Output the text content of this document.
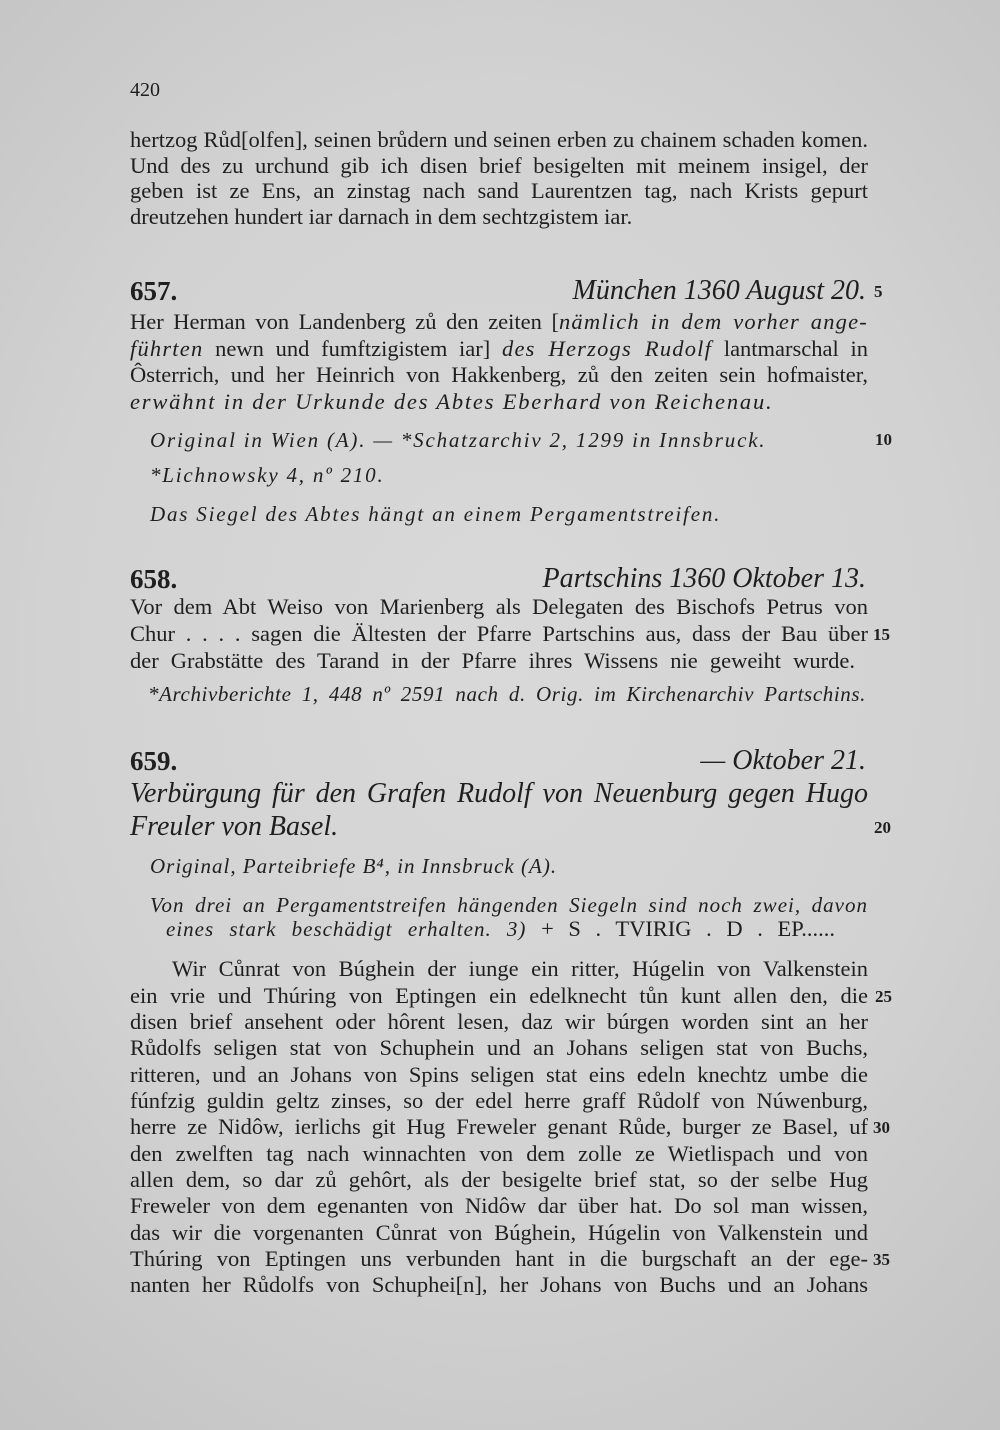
420
hertzog Růd[olfen], seinen brůdern und seinen erben zu chainem schaden komen.
Und des zu urchund gib ich disen brief besigelten mit meinem insigel, der
geben ist ze Ens, an zinstag nach sand Laurentzen tag, nach Krists gepurt
dreutzehen hundert iar darnach in dem sechtzgistem iar.
657.	München 1360 August 20.
Her Herman von Landenberg zů den zeiten [nämlich in dem vorher ange-
führten newn und fumftzigistem iar] des Herzogs Rudolf lantmarschal in
Ôsterrich, und her Heinrich von Hakkenberg, zů den zeiten sein hofmaister,
erwähnt in der Urkunde des Abtes Eberhard von Reichenau.
Original in Wien (A). — *Schatzarchiv 2, 1299 in Innsbruck.
*Lichnowsky 4, nº 210.
Das Siegel des Abtes hängt an einem Pergamentstreifen.
658.	Partschins 1360 Oktober 13.
Vor dem Abt Weiso von Marienberg als Delegaten des Bischofs Petrus von
Chur . . . . sagen die Ältesten der Pfarre Partschins aus, dass der Bau über
der Grabstätte des Tarand in der Pfarre ihres Wissens nie geweiht wurde.
*Archivberichte 1, 448 nº 2591 nach d. Orig. im Kirchenarchiv Partschins.
659.	— Oktober 21.
Verbürgung für den Grafen Rudolf von Neuenburg gegen Hugo
Freuler von Basel.
Original, Parteibriefe B⁴, in Innsbruck (A).
Von drei an Pergamentstreifen hängenden Siegeln sind noch zwei, davon
eines stark beschädigt erhalten. 3) + S . TVIRIG . D . EP......
Wir Cůnrat von Búghein der iunge ein ritter, Húgelin von Valkenstein
ein vrie und Thúring von Eptingen ein edelknecht tůn kunt allen den, die
disen brief ansehent oder hôrent lesen, daz wir búrgen worden sint an her
Růdolfs seligen stat von Schuphein und an Johans seligen stat von Buchs,
ritteren, und an Johans von Spins seligen stat eins edeln knechtz umbe die
fúnfzig guldin geltz zinses, so der edel herre graff Růdolf von Núwenburg,
herre ze Nidôw, ierlichs git Hug Freweler genant Růde, burger ze Basel, uf
den zwelften tag nach winnachten von dem zolle ze Wietlispach und von
allen dem, so dar zů gehôrt, als der besigelte brief stat, so der selbe Hug
Freweler von dem egenanten von Nidôw dar über hat. Do sol man wissen,
das wir die vorgenanten Cůnrat von Búghein, Húgelin von Valkenstein und
Thúring von Eptingen uns verbunden hant in die burgschaft an der ege-
nanten her Růdolfs von Schuphei[n], her Johans von Buchs und an Johans
5
10
15
20
25
30
35
